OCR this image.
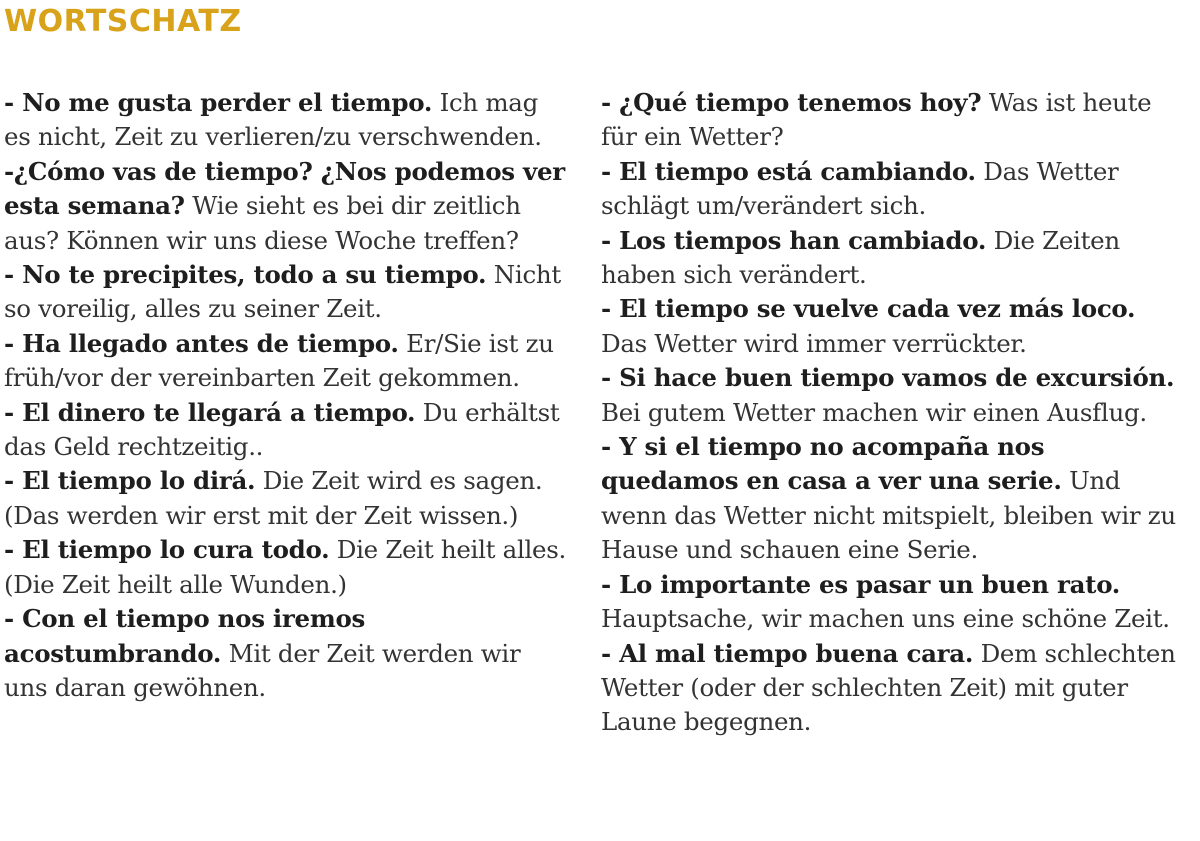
WORTSCHATZ

- No me gusta perder el tiempo. Ich mag es nicht, Zeit zu verlieren/zu verschwenden.

-¿Cómo vas de tiempo? ¿Nos podemos ver esta semana? Wie sieht es bei dir zeitlich aus? Können wir uns diese Woche treffen?

- No te precipites, todo a su tiempo. Nicht so voreilig, alles zu seiner Zeit.

- Ha llegado antes de tiempo. Er/Sie ist zu früh/vor der vereinbarten Zeit gekommen.

- El dinero te llegará a tiempo. Du erhältst das Geld rechtzeitig..

- El tiempo lo dirá. Die Zeit wird es sagen. (Das werden wir erst mit der Zeit wissen.)

- El tiempo lo cura todo. Die Zeit heilt alles. (Die Zeit heilt alle Wunden.)

- Con el tiempo nos iremos acostumbrando. Mit der Zeit werden wir uns daran gewöhnen.

- ¿Qué tiempo tenemos hoy? Was ist heute für ein Wetter?

- El tiempo está cambiando. Das Wetter schlägt um/verändert sich.

- Los tiempos han cambiado. Die Zeiten haben sich verändert.

- El tiempo se vuelve cada vez más loco. Das Wetter wird immer verrückter.

- Si hace buen tiempo vamos de excursión. Bei gutem Wetter machen wir einen Ausflug.

- Y si el tiempo no acompaña nos quedamos en casa a ver una serie. Und wenn das Wetter nicht mitspielt, bleiben wir zu Hause und schauen eine Serie.

- Lo importante es pasar un buen rato. Hauptsache, wir machen uns eine schöne Zeit.

- Al mal tiempo buena cara. Dem schlechten Wetter (oder der schlechten Zeit) mit guter Laune begegnen.
